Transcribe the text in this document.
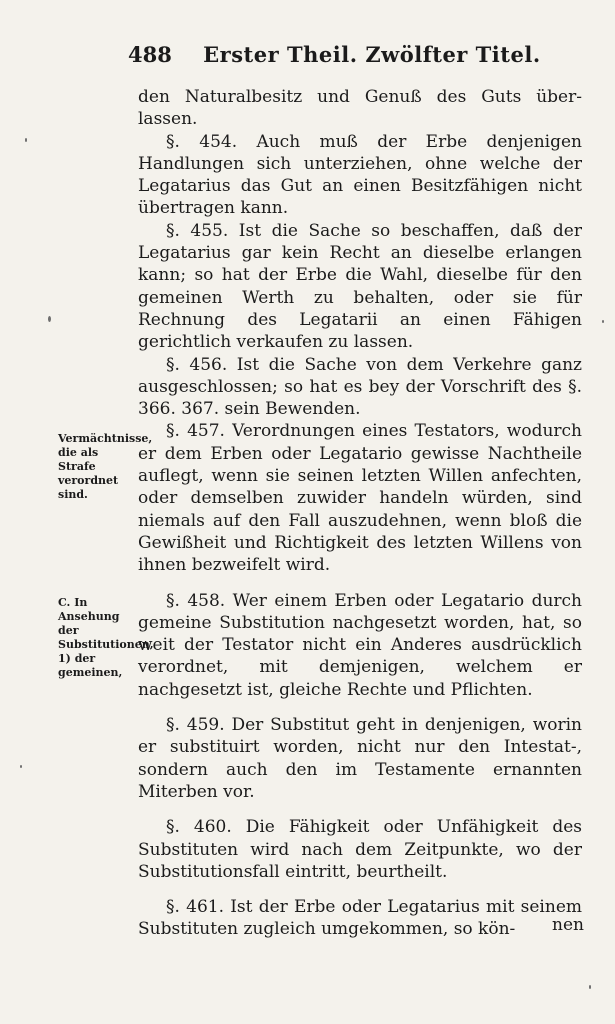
488 Erster Theil. Zwölfter Titel.

den Naturalbesitz und Genuß des Guts über-lassen.

§. 454. Auch muß der Erbe denjenigen Handlungen sich unterziehen, ohne welche der Legatarius das Gut an einen Besitzfähigen nicht übertragen kann.

§. 455. Ist die Sache so beschaffen, daß der Legatarius gar kein Recht an dieselbe erlangen kann; so hat der Erbe die Wahl, dieselbe für den gemeinen Werth zu behalten, oder sie für Rechnung des Legatarii an einen Fähigen gerichtlich verkaufen zu lassen.

§. 456. Ist die Sache von dem Verkehre ganz ausgeschlossen; so hat es bey der Vorschrift des §. 366. 367. sein Bewenden.

§. 457. Verordnungen eines Testators, wodurch er dem Erben oder Legatario gewisse Nachtheile auflegt, wenn sie seinen letzten Willen anfechten, oder demselben zuwider handeln würden, sind niemals auf den Fall auszudehnen, wenn bloß die Gewißheit und Richtigkeit des letzten Willens von ihnen bezweifelt wird.

§. 458. Wer einem Erben oder Legatario durch gemeine Substitution nachgesetzt worden, hat, so weit der Testator nicht ein Anderes ausdrücklich verordnet, mit demjenigen, welchem er nachgesetzt ist, gleiche Rechte und Pflichten.

§. 459. Der Substitut geht in denjenigen, worin er substituirt worden, nicht nur den Intestat-, sondern auch den im Testamente ernannten Miterben vor.

§. 460. Die Fähigkeit oder Unfähigkeit des Substituten wird nach dem Zeitpunkte, wo der Substitutionsfall eintritt, beurtheilt.

§. 461. Ist der Erbe oder Legatarius mit seinem Substituten zugleich umgekommen, so kön-	nen
Vermächtnisse, die als Strafe verordnet sind.
C. In Ansehung der Substitutionen, 1) der gemeinen,
